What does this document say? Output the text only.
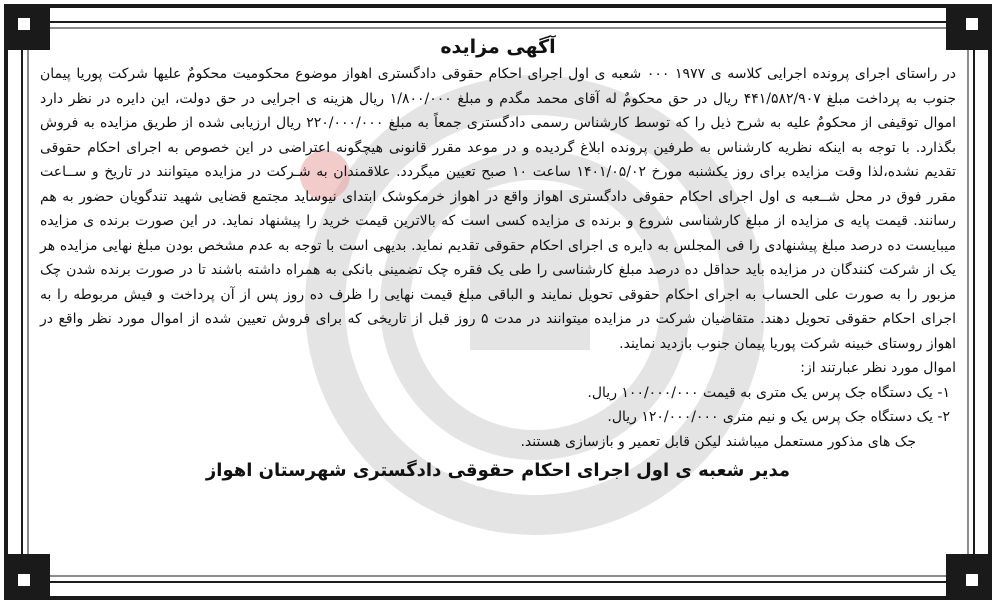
آگهی مزایده

در راستای اجرای پرونده اجرایی کلاسه ی ۱۹۷۷ ۰۰۰ شعبه ی اول اجرای احکام حقوقی دادگستری اهواز موضوع محکومیت محکومٌ علیها شرکت پوریا پیمان جنوب به پرداخت مبلغ ۴۴۱/۵۸۲/۹۰۷ ریال در حق محکومٌ له آقای محمد مگدم و مبلغ ۱/۸۰۰/۰۰۰ ریال هزینه ی اجرایی در حق دولت، این دایره در نظر دارد اموال توقیفی از محکومٌ علیه به شرح ذیل را که توسط کارشناس رسمی دادگستری جمعاً به مبلغ ۲۲۰/۰۰۰/۰۰۰ ریال ارزیابی شده از طریق مزایده به فروش بگذارد. با توجه به اینکه نظریه کارشناس به طرفین پرونده ابلاغ گردیده و در موعد مقرر قانونی هیچگونه اعتراضی در این خصوص به اجرای احکام حقوقی تقدیم نشده،لذا وقت مزایده برای روز یکشنبه مورخ ۱۴۰۱/۰۵/۰۲ ساعت ۱۰ صبح تعیین میگردد. علاقمندان به شـرکت در مزایده میتوانند در تاریخ و ســاعت مقرر فوق در محل شــعبه ی اول اجرای احکام حقوقی دادگستری اهواز واقع در اهواز خرمکوشک ابتدای نیوساید مجتمع قضایی شهید تندگویان حضور به هم رسانند. قیمت پایه ی مزایده از مبلغ کارشناسی شروع و برنده ی مزایده کسی است که بالاترین قیمت خرید را پیشنهاد نماید. در این صورت برنده ی مزایده میبایست ده درصد مبلغ پیشنهادی را فی المجلس به دایره ی اجرای احکام حقوقی تقدیم نماید. بدیهی است با توجه به عدم مشخص بودن مبلغ نهایی مزایده هر یک از شرکت کنندگان در مزایده باید حداقل ده درصد مبلغ کارشناسی را طی یک فقره چک تضمینی بانکی به همراه داشته باشند تا در صورت برنده شدن چک مزبور را به صورت علی الحساب به اجرای احکام حقوقی تحویل نمایند و الباقی مبلغ قیمت نهایی را ظرف ده روز پس از آن پرداخت و فیش مربوطه را به اجرای احکام حقوقی تحویل دهند. متقاضیان شرکت در مزایده میتوانند در مدت ۵ روز قبل از تاریخی که برای فروش تعیین شده از اموال مورد نظر واقع در اهواز روستای خبینه شرکت پوریا پیمان جنوب بازدید نمایند.

اموال مورد نظر عبارتند از:

۱- یک دستگاه جک پرس یک متری به قیمت ۱۰۰/۰۰۰/۰۰۰ ریال.

۲- یک دستگاه جک پرس یک و نیم متری ۱۲۰/۰۰۰/۰۰۰ ریال.

جک های مذکور مستعمل میباشند لیکن قابل تعمیر و بازسازی هستند.

مدیر شعبه ی اول اجرای احکام حقوقی دادگستری شهرستان اهواز
